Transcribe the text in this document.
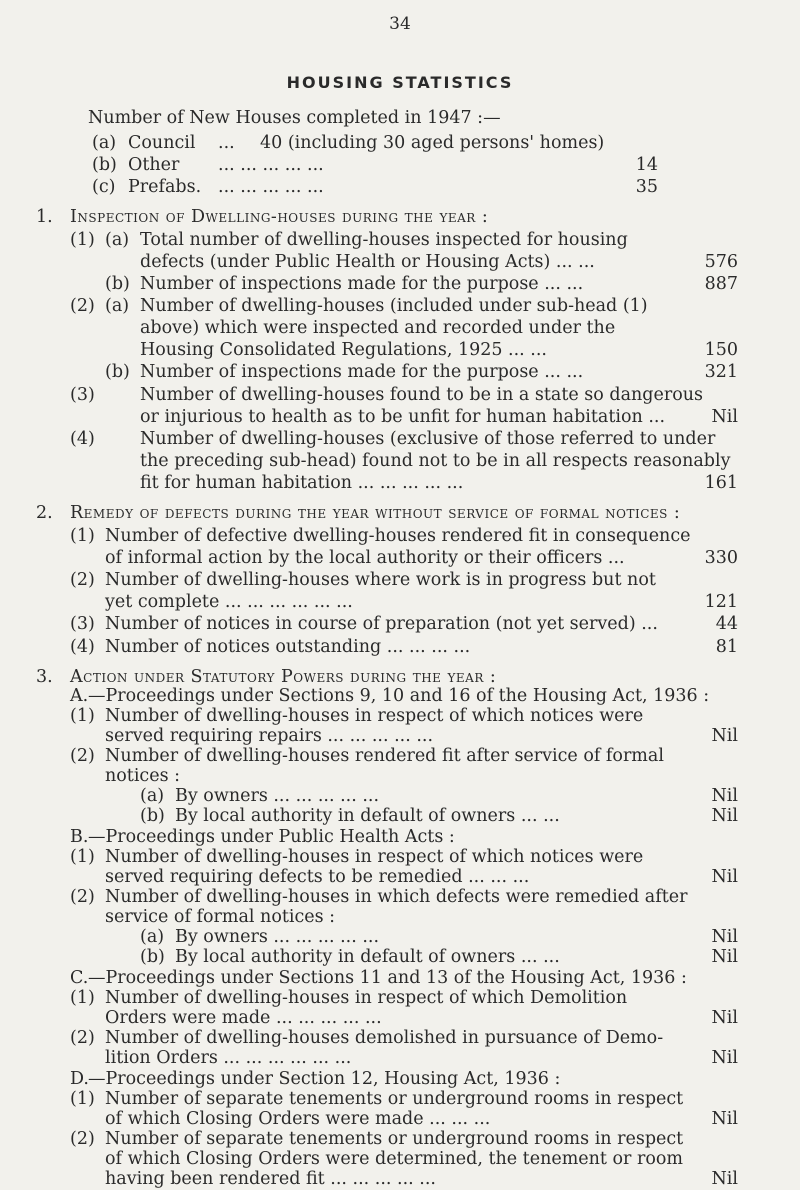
34
HOUSING STATISTICS
Number of New Houses completed in 1947 :—
(a) Council ... 40 (including 30 aged persons' homes)
(b) Other ... ... ... ... ...	14
(c) Prefabs. ... ... ... ... ...	35
1. Inspection of Dwelling-houses during the year :
(1) (a) Total number of dwelling-houses inspected for housing
defects (under Public Health or Housing Acts) ... ...	576
(b) Number of inspections made for the purpose ... ...	887
(2) (a) Number of dwelling-houses (included under sub-head (1)
above) which were inspected and recorded under the
Housing Consolidated Regulations, 1925 ... ...	150
(b) Number of inspections made for the purpose ... ...	321
(3)	Number of dwelling-houses found to be in a state so dangerous
or injurious to health as to be unfit for human habitation ...	Nil
(4)	Number of dwelling-houses (exclusive of those referred to under
the preceding sub-head) found not to be in all respects reasonably
fit for human habitation ... ... ... ... ...	161
2. Remedy of defects during the year without service of formal notices :
(1) Number of defective dwelling-houses rendered fit in consequence
of informal action by the local authority or their officers ...	330
(2) Number of dwelling-houses where work is in progress but not
yet complete ... ... ... ... ... ...	121
(3) Number of notices in course of preparation (not yet served) ...	44
(4) Number of notices outstanding ... ... ... ...	81
3. Action under Statutory Powers during the year :
A. —Proceedings under Sections 9, 10 and 16 of the Housing Act, 1936 :
(1) Number of dwelling-houses in respect of which notices were
served requiring repairs ... ... ... ... ...	Nil
(2) Number of dwelling-houses rendered fit after service of formal
notices :
(a) By owners ... ... ... ... ...	Nil
(b) By local authority in default of owners ... ...	Nil
B. —Proceedings under Public Health Acts :
(1) Number of dwelling-houses in respect of which notices were
served requiring defects to be remedied ... ... ...	Nil
(2) Number of dwelling-houses in which defects were remedied after
service of formal notices :
(a) By owners ... ... ... ... ...	Nil
(b) By local authority in default of owners ... ...	Nil
C. —Proceedings under Sections 11 and 13 of the Housing Act, 1936 :
(1) Number of dwelling-houses in respect of which Demolition
Orders were made ... ... ... ... ...	Nil
(2) Number of dwelling-houses demolished in pursuance of Demo-
lition Orders ... ... ... ... ... ...	Nil
D. —Proceedings under Section 12, Housing Act, 1936 :
(1) Number of separate tenements or underground rooms in respect
of which Closing Orders were made ... ... ...	Nil
(2) Number of separate tenements or underground rooms in respect
of which Closing Orders were determined, the tenement or room
having been rendered fit ... ... ... ... ...	Nil
